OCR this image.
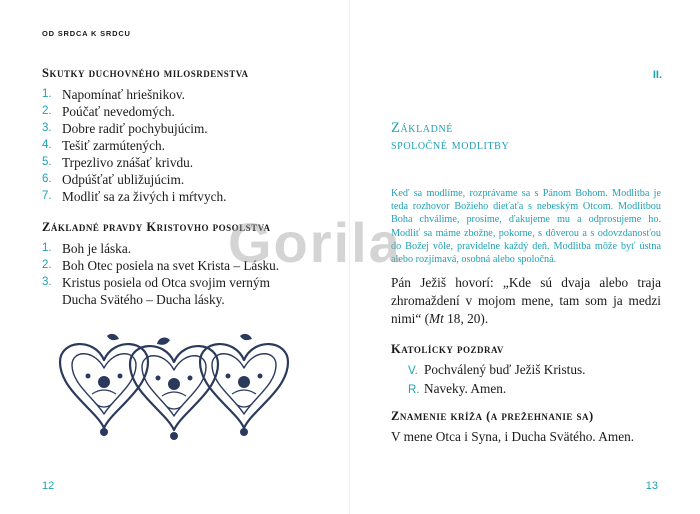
OD SRDCA K SRDCU
Skutky duchovného milosrdenstva
1. Napomínať hriešnikov.
2. Poúčať nevedomých.
3. Dobre radiť pochybujúcim.
4. Tešiť zarmútených.
5. Trpezlivo znášať krivdu.
6. Odpúšťať ubližujúcim.
7. Modliť sa za živých i mŕtvych.
Základné pravdy Kristovho posolstva
1. Boh je láska.
2. Boh Otec posiela na svet Krista – Lásku.
3. Kristus posiela od Otca svojim verným Ducha Svätého – Ducha lásky.
12
II.
Základné
spoločné modlitby
Keď sa modlíme, rozprávame sa s Pánom Bohom. Modlitba je teda rozhovor Božieho dieťaťa s nebeským Otcom. Modlitbou Boha chválime, prosíme, ďakujeme mu a odprosujeme ho. Modliť sa máme zbožne, pokorne, s dôverou a s odovzdanosťou do Božej vôle, pravidelne každý deň. Modlitba môže byť ústna alebo rozjímavá, osobná alebo spoločná.
Pán Ježiš hovorí: „Kde sú dvaja alebo traja zhromaždení v mojom mene, tam som ja medzi nimi“ (Mt 18, 20).
Katolícky pozdrav
V. Pochválený buď Ježiš Kristus.
R. Naveky. Amen.
Znamenie kríža (a prežehnanie sa)
V mene Otca i Syna, i Ducha Svätého. Amen.
13
Gorila
